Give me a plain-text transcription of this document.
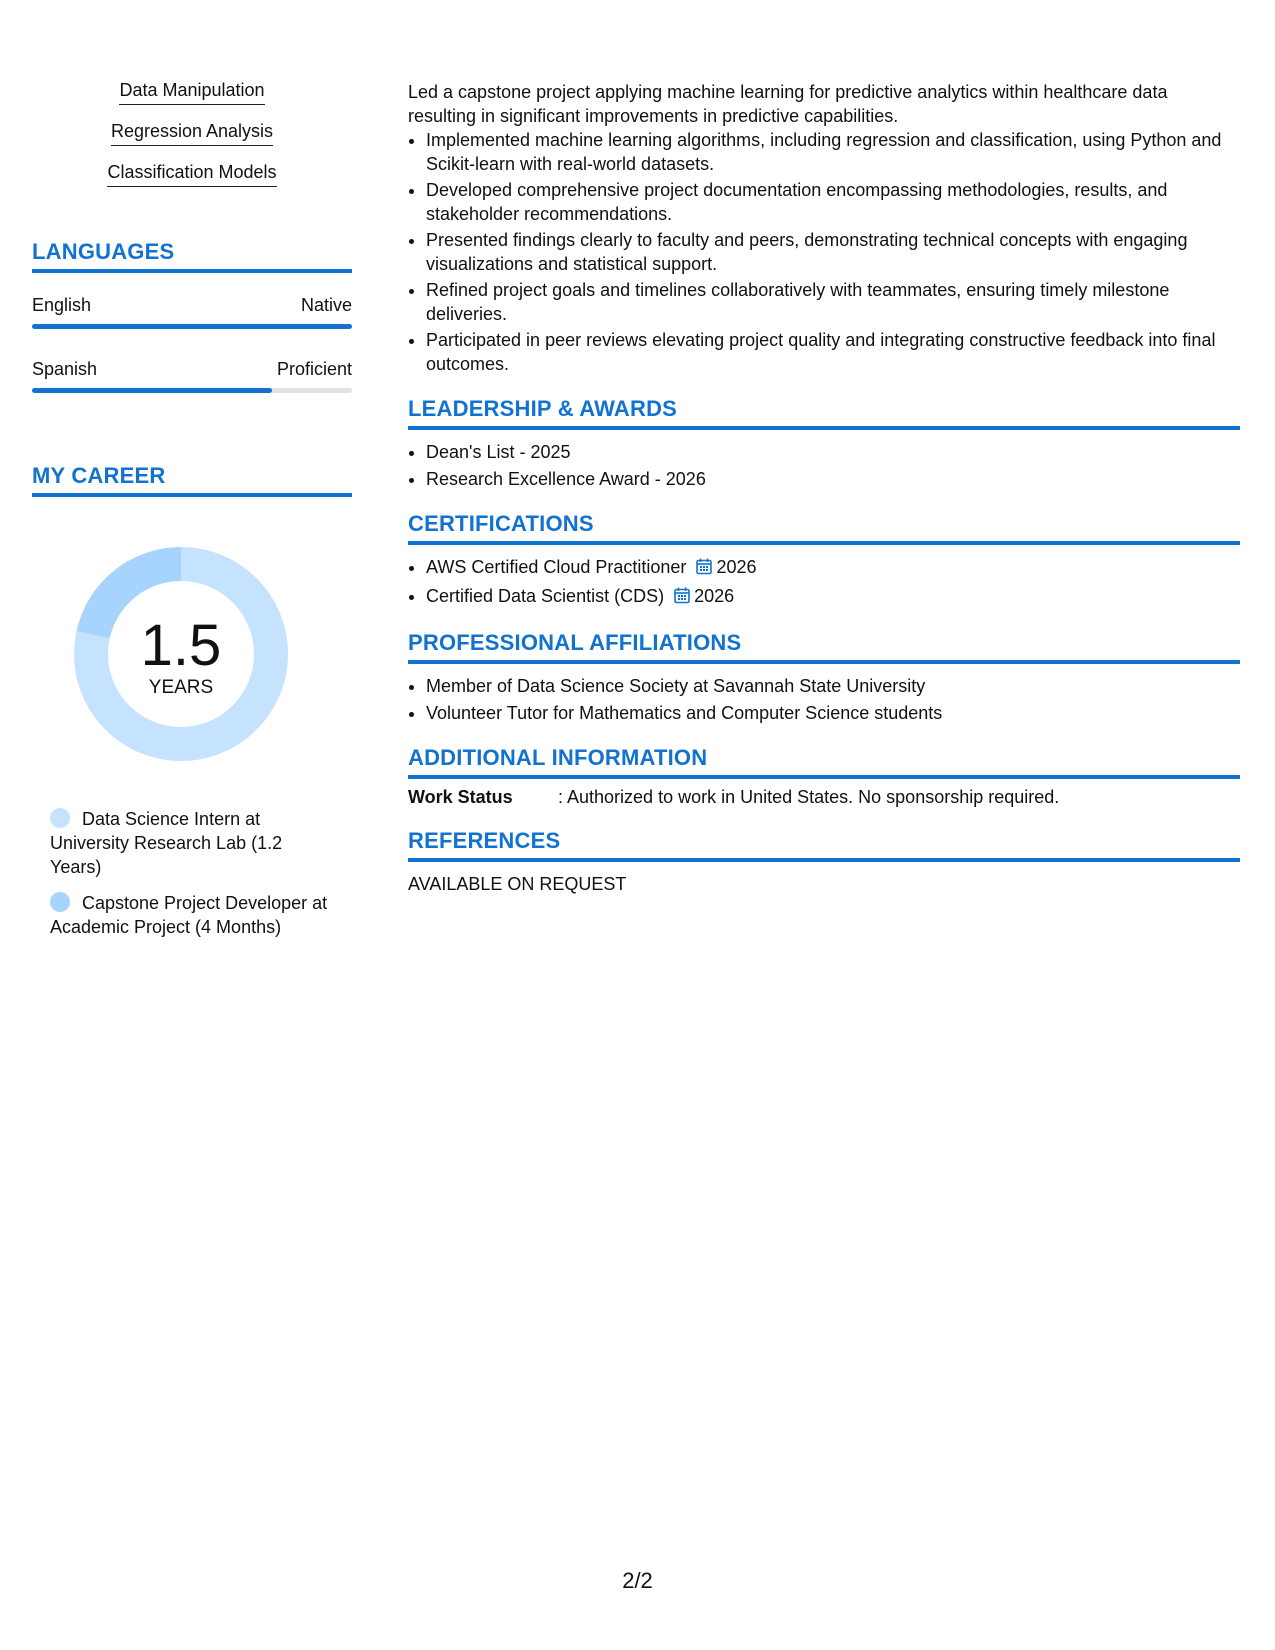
Data Manipulation
Regression Analysis
Classification Models
LANGUAGES
English	Native
Spanish	Proficient
MY CAREER
1.5
YEARS
Data Science Intern at University Research Lab (1.2 Years)
Capstone Project Developer at Academic Project (4 Months)

Led a capstone project applying machine learning for predictive analytics within healthcare data resulting in significant improvements in predictive capabilities.

• Implemented machine learning algorithms, including regression and classification, using Python and Scikit-learn with real-world datasets.
• Developed comprehensive project documentation encompassing methodologies, results, and stakeholder recommendations.
• Presented findings clearly to faculty and peers, demonstrating technical concepts with engaging visualizations and statistical support.
• Refined project goals and timelines collaboratively with teammates, ensuring timely milestone deliveries.
• Participated in peer reviews elevating project quality and integrating constructive feedback into final outcomes.
LEADERSHIP & AWARDS
• Dean's List - 2025
• Research Excellence Award - 2026
CERTIFICATIONS
• AWS Certified Cloud Practitioner 2026
• Certified Data Scientist (CDS) 2026
PROFESSIONAL AFFILIATIONS
• Member of Data Science Society at Savannah State University
• Volunteer Tutor for Mathematics and Computer Science students
ADDITIONAL INFORMATION
Work Status	: Authorized to work in United States. No sponsorship required.
REFERENCES
AVAILABLE ON REQUEST
2/2
